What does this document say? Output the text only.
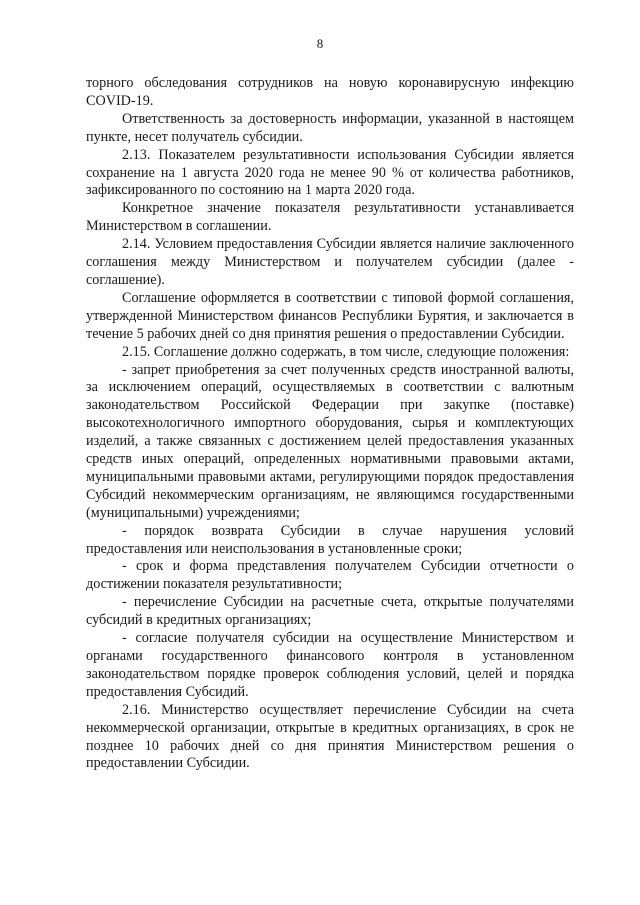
8

торного обследования сотрудников на новую коронавирусную инфекцию COVID-19.

Ответственность за достоверность информации, указанной в настоящем пункте, несет получатель субсидии.

2.13. Показателем результативности использования Субсидии является сохранение на 1 августа 2020 года не менее 90 % от количества работников, зафиксированного по состоянию на 1 марта 2020 года.

Конкретное значение показателя результативности устанавливается Министерством в соглашении.

2.14. Условием предоставления Субсидии является наличие заключенного соглашения между Министерством и получателем субсидии (далее - соглашение).

Соглашение оформляется в соответствии с типовой формой соглашения, утвержденной Министерством финансов Республики Бурятия, и заключается в течение 5 рабочих дней со дня принятия решения о предоставлении Субсидии.

2.15. Соглашение должно содержать, в том числе, следующие положения:

- запрет приобретения за счет полученных средств иностранной валюты, за исключением операций, осуществляемых в соответствии с валютным законодательством Российской Федерации при закупке (поставке) высокотехнологичного импортного оборудования, сырья и комплектующих изделий, а также связанных с достижением целей предоставления указанных средств иных операций, определенных нормативными правовыми актами, муниципальными правовыми актами, регулирующими порядок предоставления Субсидий некоммерческим организациям, не являющимся государственными (муниципальными) учреждениями;

- порядок возврата Субсидии в случае нарушения условий предоставления или неиспользования в установленные сроки;

- срок и форма представления получателем Субсидии отчетности о достижении показателя результативности;

- перечисление Субсидии на расчетные счета, открытые получателями субсидий в кредитных организациях;

- согласие получателя субсидии на осуществление Министерством и органами государственного финансового контроля в установленном законодательством порядке проверок соблюдения условий, целей и порядка предоставления Субсидий.

2.16. Министерство осуществляет перечисление Субсидии на счета некоммерческой организации, открытые в кредитных организациях, в срок не позднее 10 рабочих дней со дня принятия Министерством решения о предоставлении Субсидии.
